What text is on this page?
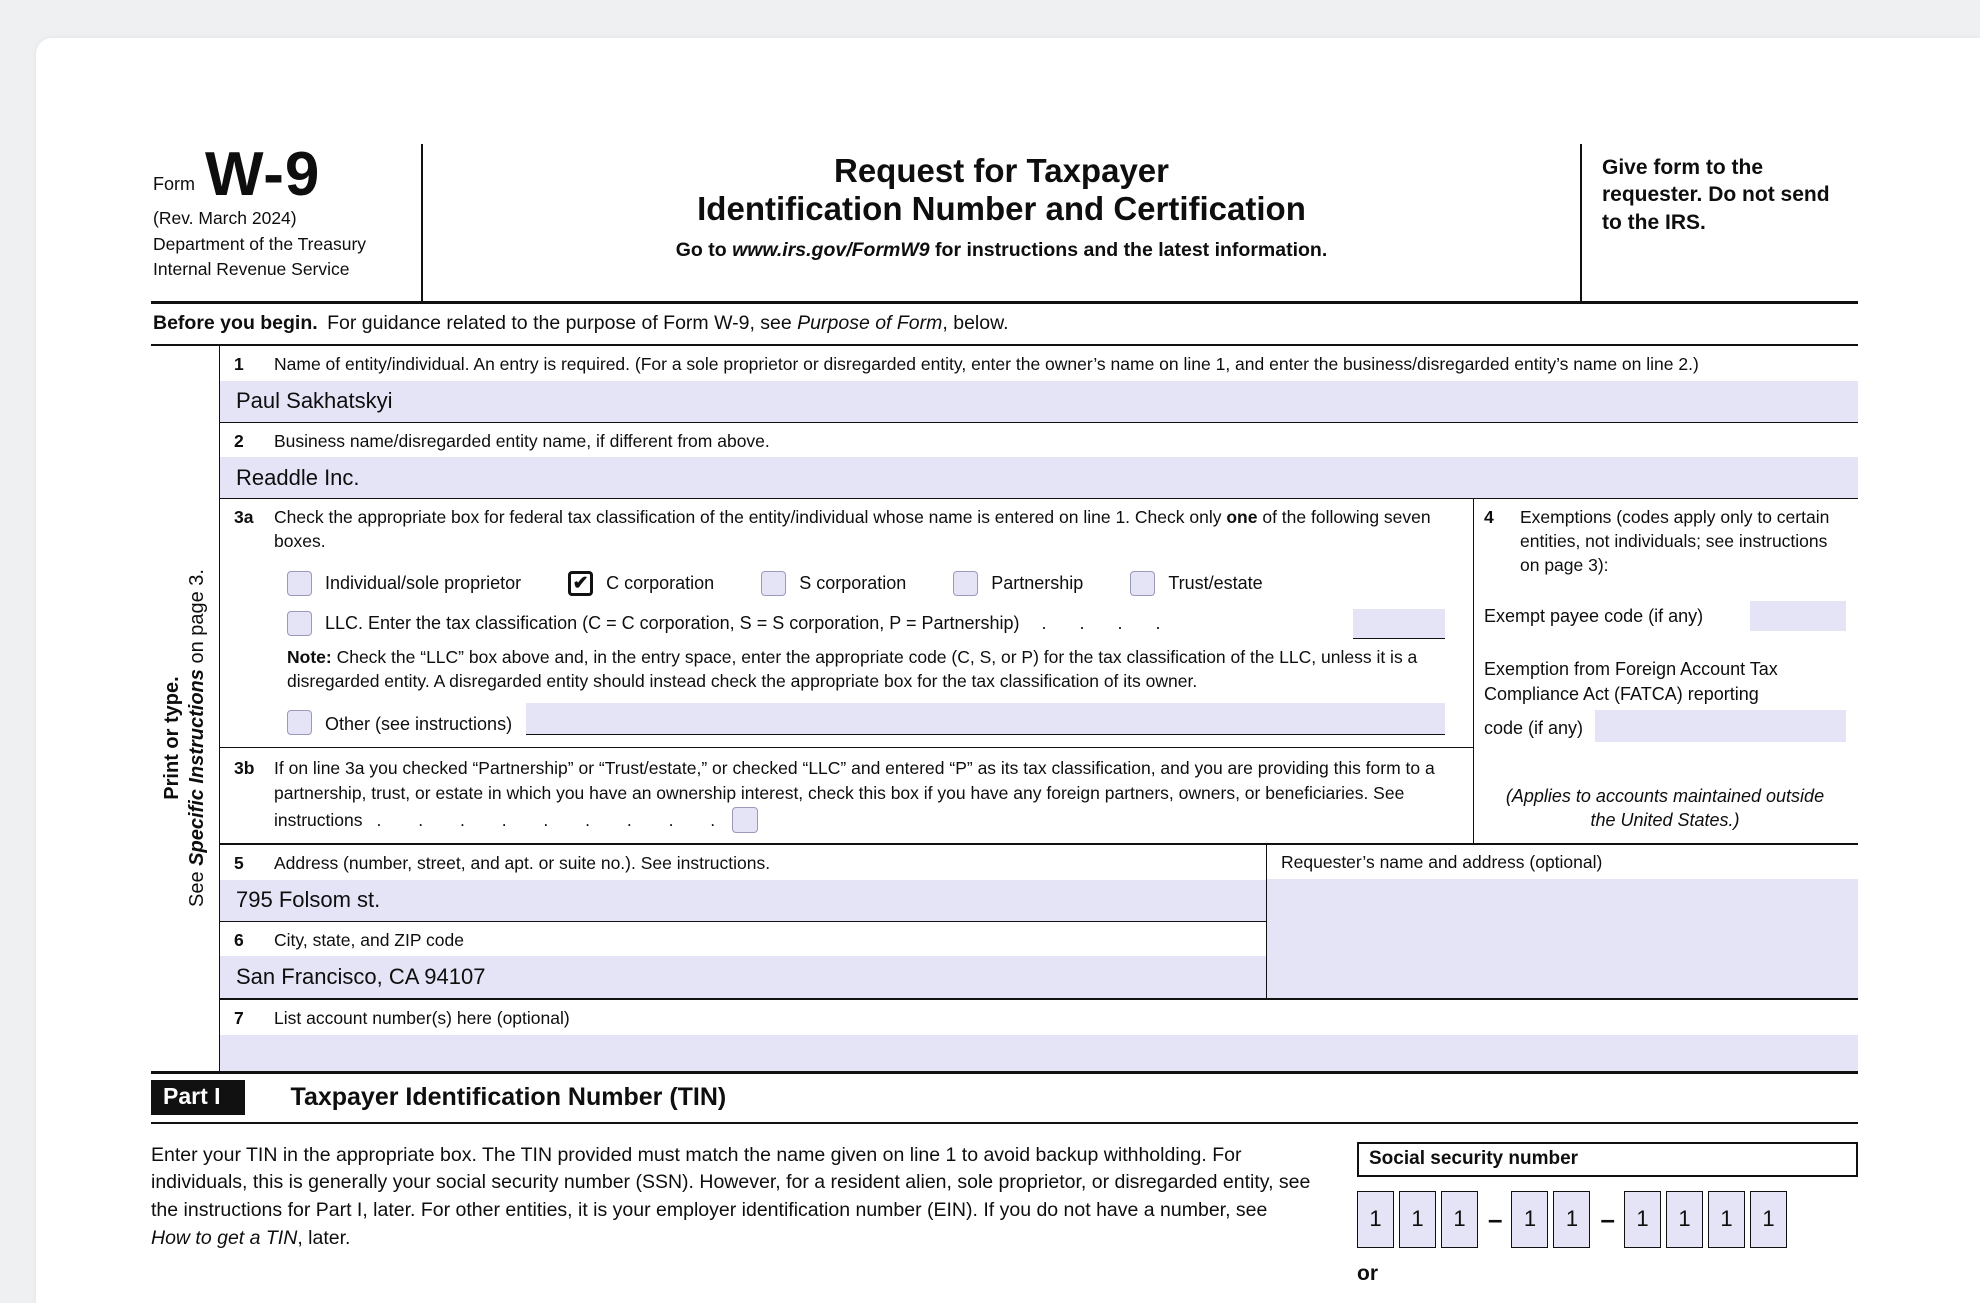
Form W-9
(Rev. March 2024)
Department of the Treasury
Internal Revenue Service
Request for Taxpayer
Identification Number and Certification
Go to www.irs.gov/FormW9 for instructions and the latest information.
Give form to the requester. Do not send to the IRS.
Before you begin. For guidance related to the purpose of Form W-9, see Purpose of Form, below.
Print or type.
See Specific Instructions on page 3.
1	Name of entity/individual. An entry is required. (For a sole proprietor or disregarded entity, enter the owner’s name on line 1, and enter the business/disregarded entity’s name on line 2.)
Paul Sakhatskyi
2	Business name/disregarded entity name, if different from above.
Readdle Inc.
3a Check the appropriate box for federal tax classification of the entity/individual whose name is entered on line 1. Check only one of the following seven boxes.
Individual/sole proprietor	✔ C corporation	S corporation	Partnership	Trust/estate
LLC. Enter the tax classification (C = C corporation, S = S corporation, P = Partnership) . . . .
Note: Check the “LLC” box above and, in the entry space, enter the appropriate code (C, S, or P) for the tax classification of the LLC, unless it is a disregarded entity. A disregarded entity should instead check the appropriate box for the tax classification of its owner.
Other (see instructions)
3b If on line 3a you checked “Partnership” or “Trust/estate,” or checked “LLC” and entered “P” as its tax classification, and you are providing this form to a partnership, trust, or estate in which you have an ownership interest, check this box if you have any foreign partners, owners, or beneficiaries. See instructions . . . . . . . . .
4	Exemptions (codes apply only to certain entities, not individuals; see instructions on page 3):
Exempt payee code (if any)
Exemption from Foreign Account Tax Compliance Act (FATCA) reporting
code (if any)
(Applies to accounts maintained outside the United States.)
5	Address (number, street, and apt. or suite no.). See instructions.
795 Folsom st.
6	City, state, and ZIP code
San Francisco, CA 94107
Requester’s name and address (optional)
7	List account number(s) here (optional)
Part I	Taxpayer Identification Number (TIN)
Enter your TIN in the appropriate box. The TIN provided must match the name given on line 1 to avoid backup withholding. For individuals, this is generally your social security number (SSN). However, for a resident alien, sole proprietor, or disregarded entity, see the instructions for Part I, later. For other entities, it is your employer identification number (EIN). If you do not have a number, see How to get a TIN, later.
Social security number
1	1	1 – 1	1 – 1	1	1	1
or
